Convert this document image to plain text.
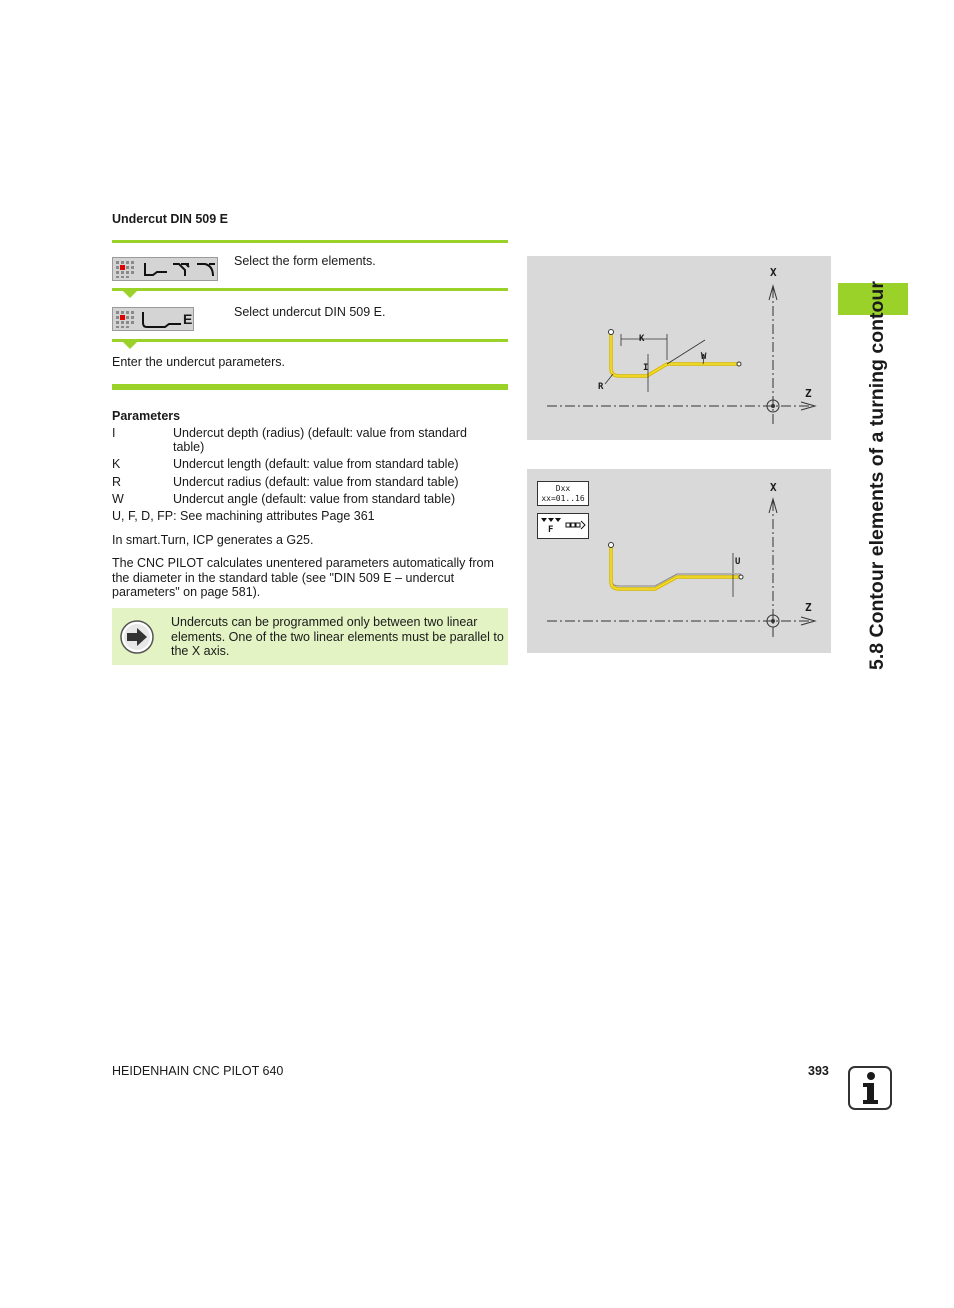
Undercut DIN 509 E
Select the form elements.
E	Select undercut DIN 509 E.
Enter the undercut parameters.
Parameters
I	Undercut depth (radius) (default: value from standard table)
K	Undercut length (default: value from standard table)
R	Undercut radius (default: value from standard table)
W	Undercut angle (default: value from standard table)
U, F, D, FP: See machining attributes Page 361
In smart.Turn, ICP generates a G25.
The CNC PILOT calculates unentered parameters automatically from the diameter in the standard table (see "DIN 509 E – undercut parameters" on page 581).
Undercuts can be programmed only between two linear elements. One of the two linear elements must be parallel to the X axis.
X
Z
K
W
I
R
Dxx
xx=01..16
F
X
Z
U	5.8 Contour elements of a turning contour
HEIDENHAIN CNC PILOT 640	393
